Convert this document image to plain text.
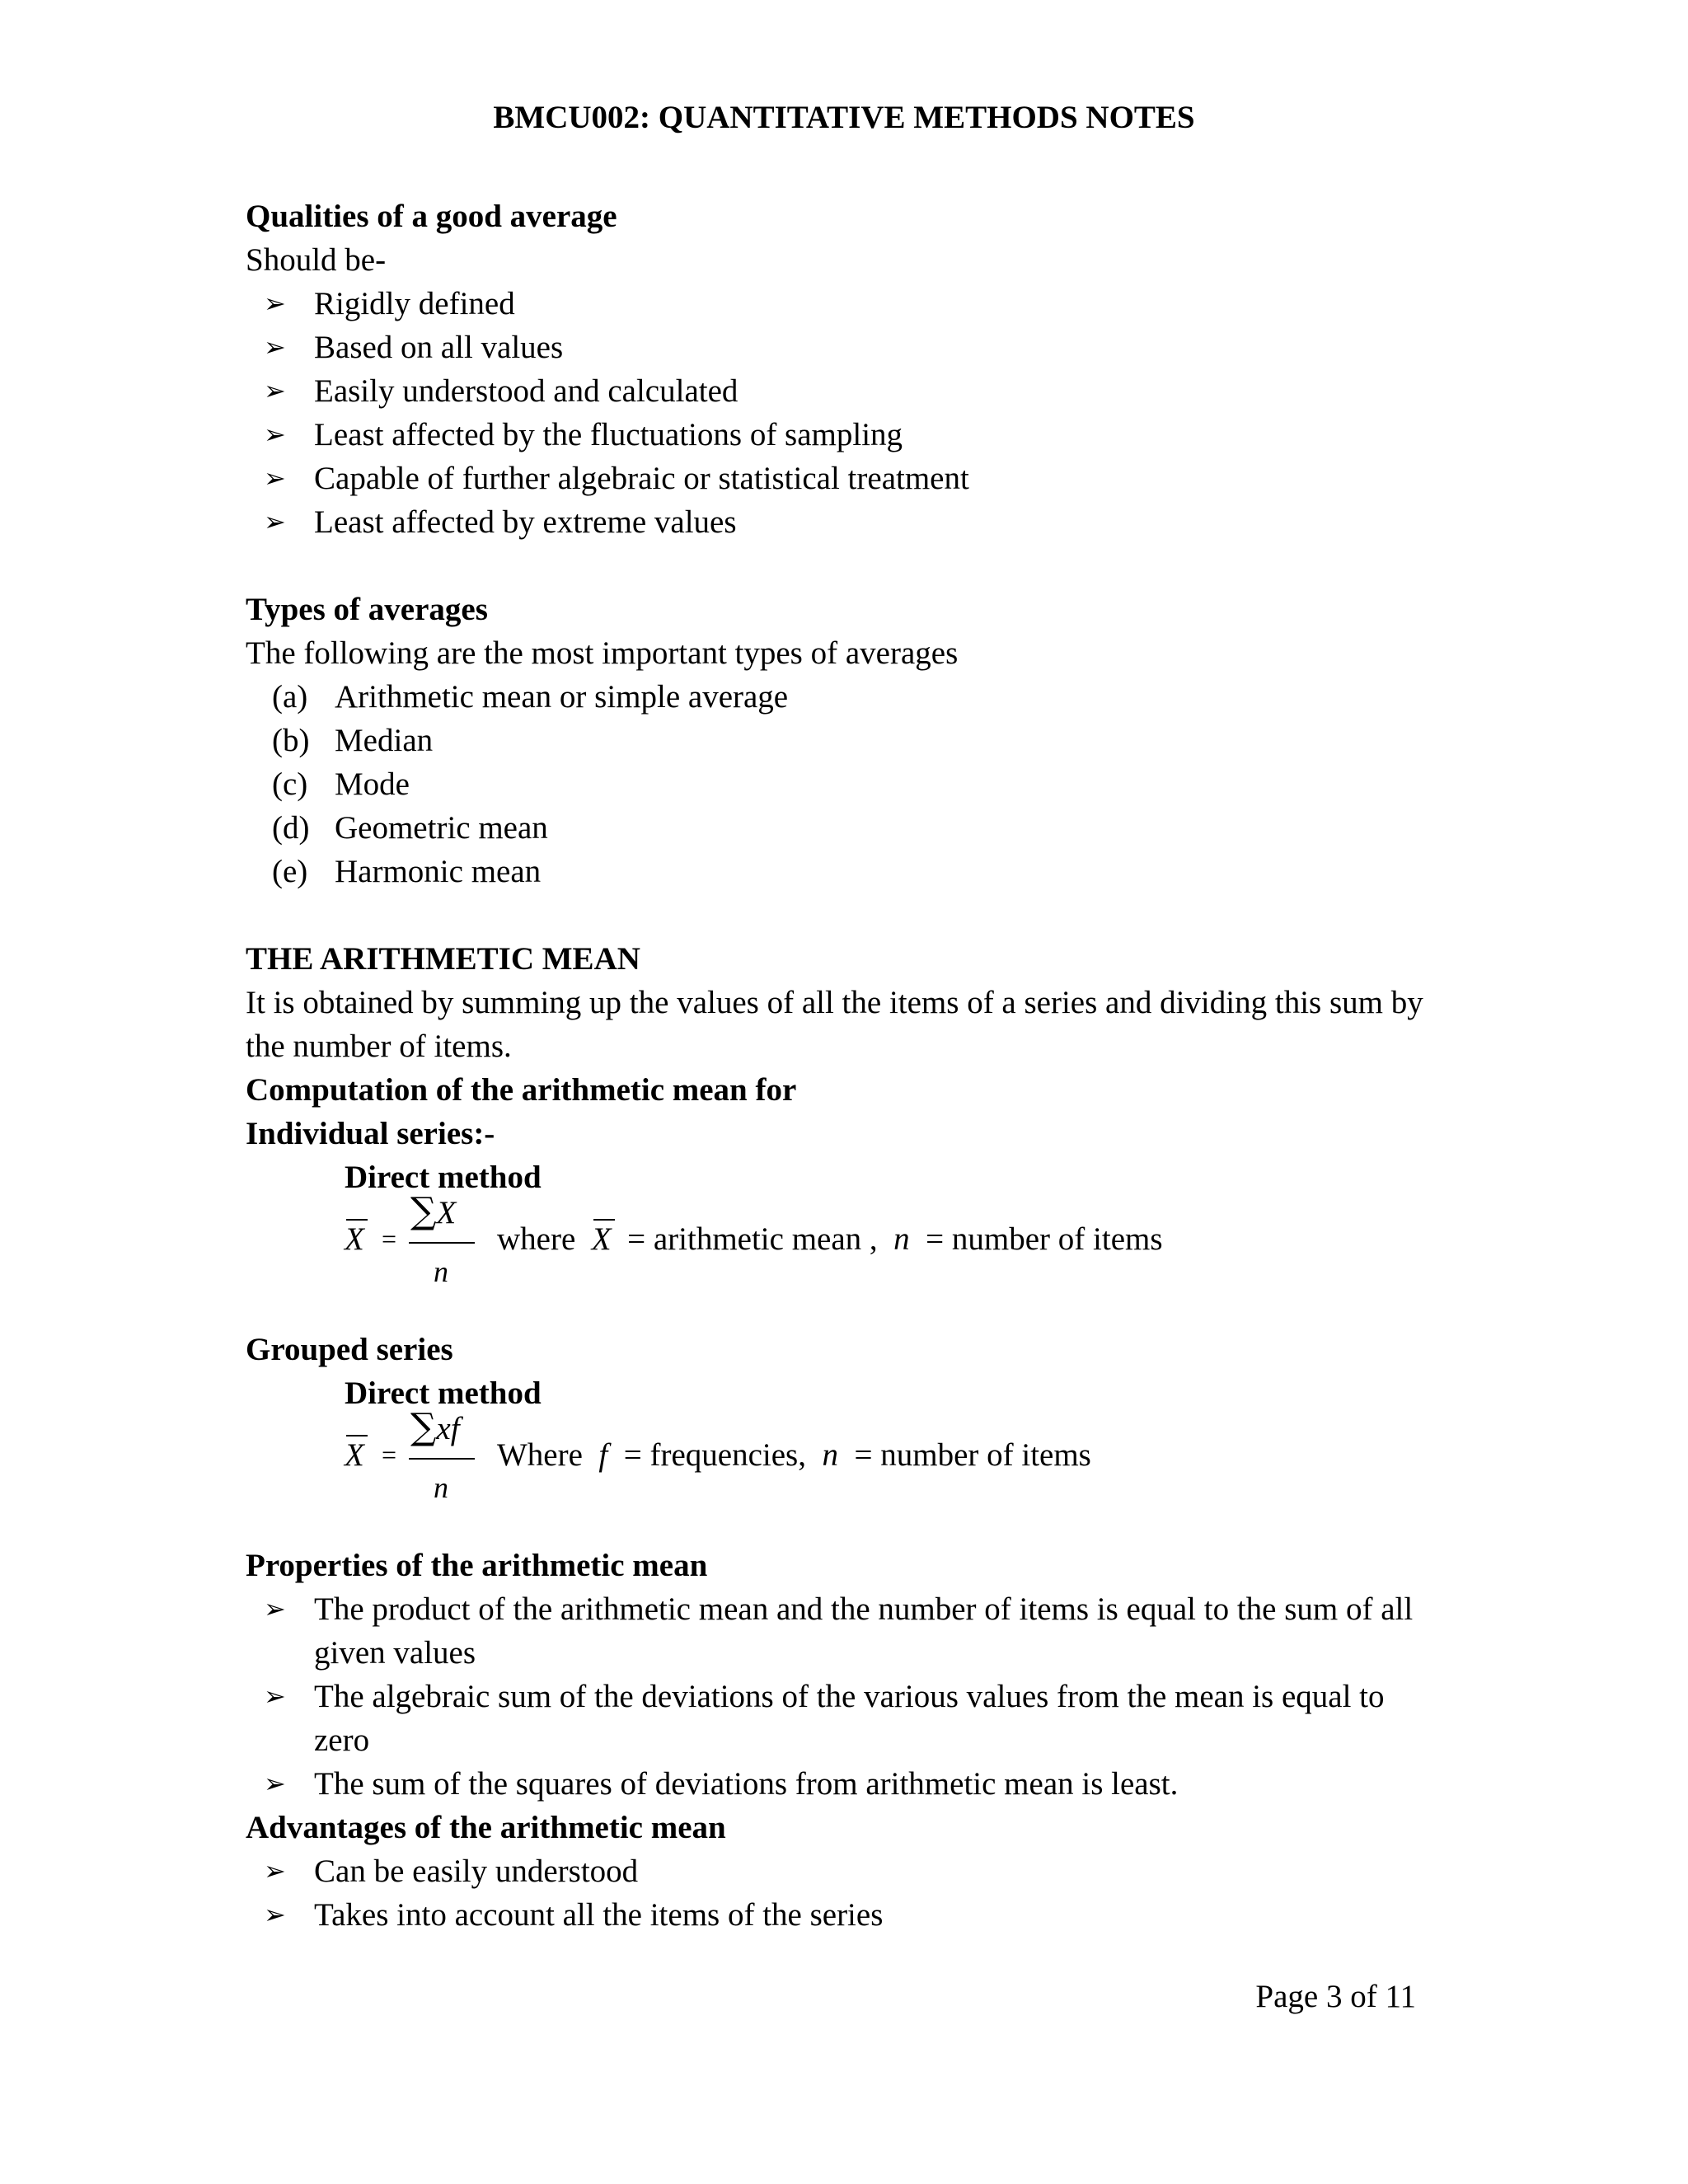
BMCU002: QUANTITATIVE METHODS NOTES

Qualities of a good average

Should be-

➢ Rigidly defined
➢ Based on all values
➢ Easily understood and calculated
➢ Least affected by the fluctuations of sampling
➢ Capable of further algebraic or statistical treatment
➢ Least affected by extreme values

Types of averages

The following are the most important types of averages

(a) Arithmetic mean or simple average
(b) Median
(c) Mode
(d) Geometric mean
(e) Harmonic mean

THE ARITHMETIC MEAN

It is obtained by summing up the values of all the items of a series and dividing this sum by the number of items.

Computation of the arithmetic mean for

Individual series:-

Direct method

X =
∑X
n
where X = arithmetic mean , n = number of items

Grouped series

Direct method

X =
∑xf
n
Where f = frequencies, n = number of items

Properties of the arithmetic mean

➢ The product of the arithmetic mean and the number of items is equal to the sum of all given values
➢ The algebraic sum of the deviations of the various values from the mean is equal to zero
➢ The sum of the squares of deviations from arithmetic mean is least.

Advantages of the arithmetic mean

➢ Can be easily understood
➢ Takes into account all the items of the series
Page 3 of 11
